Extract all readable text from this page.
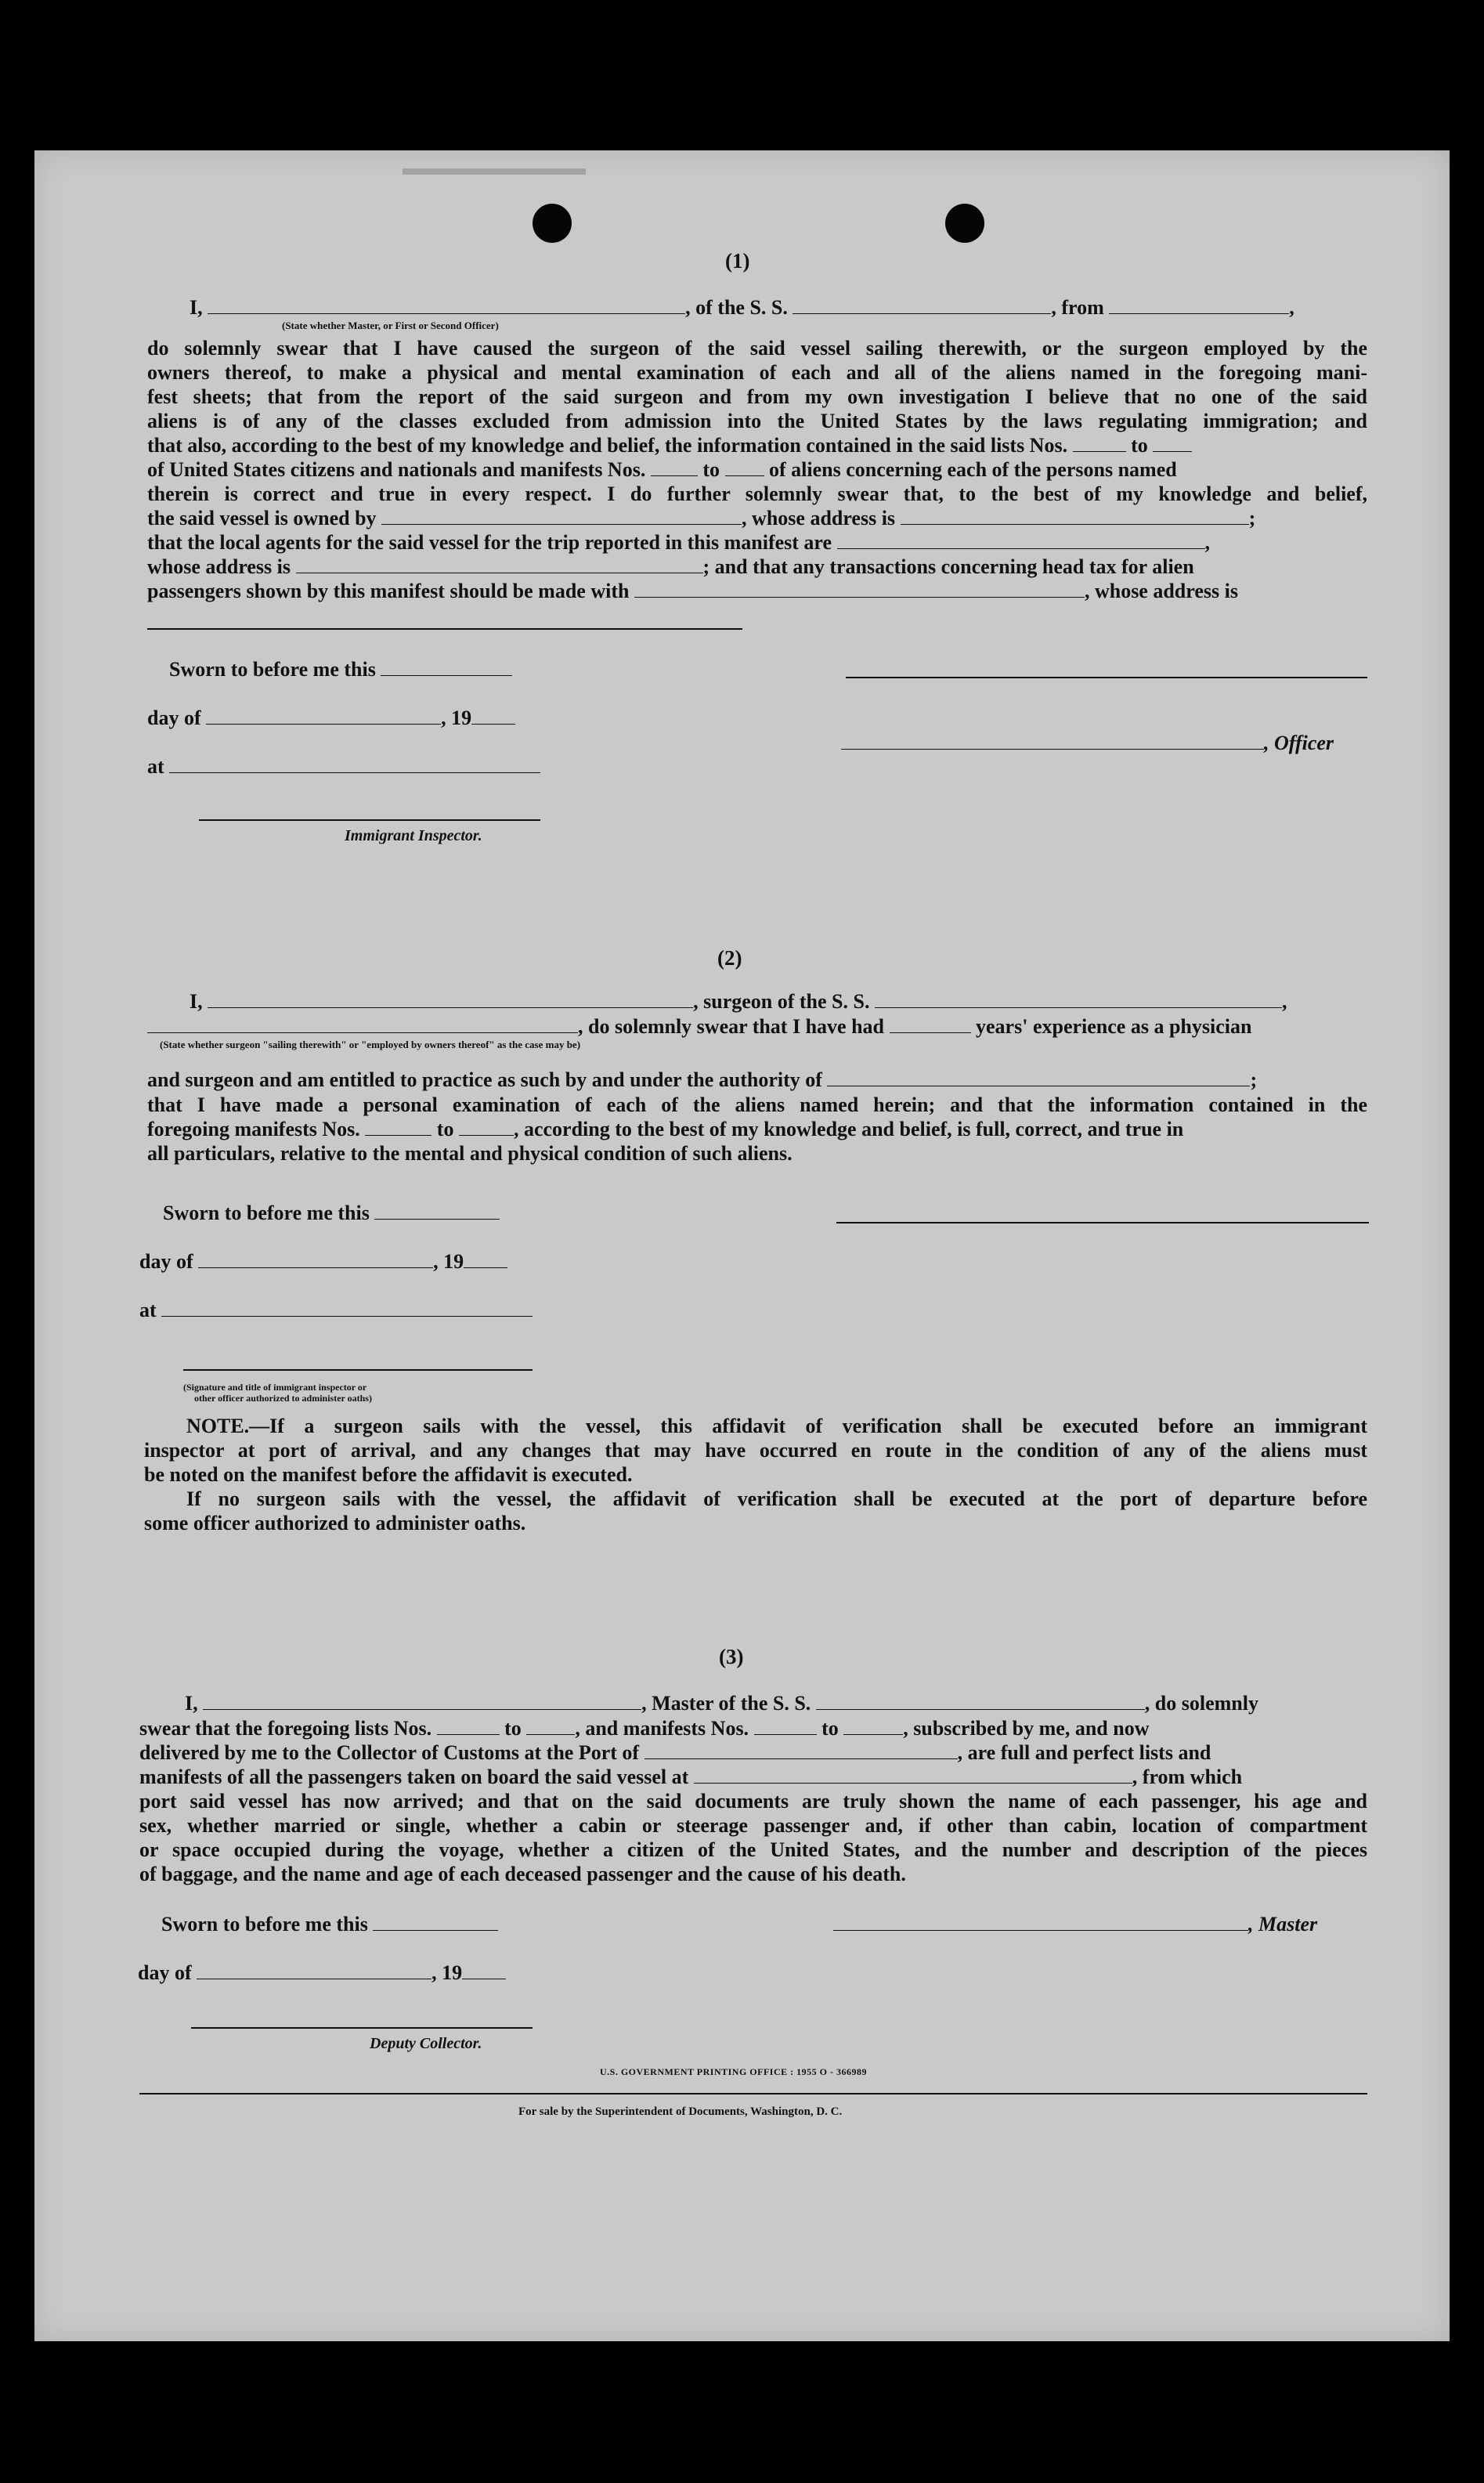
▬▬▬▬▬▬▬▬▬
(1)
I,	, of the S. S.	, from	,
(State whether Master, or First or Second Officer)
do solemnly swear that I have caused the surgeon of the said vessel sailing therewith, or the surgeon employed by the
owners thereof, to make a physical and mental examination of each and all of the aliens named in the foregoing mani-
fest sheets; that from the report of the said surgeon and from my own investigation I believe that no one of the said
aliens is of any of the classes excluded from admission into the United States by the laws regulating immigration; and
that also, according to the best of my knowledge and belief, the information contained in the said lists Nos.	to
of United States citizens and nationals and manifests Nos.	to of aliens concerning each of the persons named
therein is correct and true in every respect. I do further solemnly swear that, to the best of my knowledge and belief,
the said vessel is owned by	, whose address is	;
that the local agents for the said vessel for the trip reported in this manifest are	,
whose address is	; and that any transactions concerning head tax for alien
passengers shown by this manifest should be made with	, whose address is
Sworn to before me this
day of	, 19
, Officer
at
Immigrant Inspector.
(2)
I,	, surgeon of the S. S.	,
, do solemnly swear that I have had	years' experience as a physician
(State whether surgeon "sailing therewith" or "employed by owners thereof" as the case may be)
and surgeon and am entitled to practice as such by and under the authority of	;
that I have made a personal examination of each of the aliens named herein; and that the information contained in the
foregoing manifests Nos.	to	, according to the best of my knowledge and belief, is full, correct, and true in
all particulars, relative to the mental and physical condition of such aliens.
Sworn to before me this
day of	, 19
at
(Signature and title of immigrant inspector or
other officer authorized to administer oaths)
NOTE.—If a surgeon sails with the vessel, this affidavit of verification shall be executed before an immigrant
inspector at port of arrival, and any changes that may have occurred en route in the condition of any of the aliens must
be noted on the manifest before the affidavit is executed.
If no surgeon sails with the vessel, the affidavit of verification shall be executed at the port of departure before
some officer authorized to administer oaths.
(3)
I,	, Master of the S. S.	, do solemnly
swear that the foregoing lists Nos.	to	, and manifests Nos.	to	, subscribed by me, and now
delivered by me to the Collector of Customs at the Port of	, are full and perfect lists and
manifests of all the passengers taken on board the said vessel at	, from which
port said vessel has now arrived; and that on the said documents are truly shown the name of each passenger, his age and
sex, whether married or single, whether a cabin or steerage passenger and, if other than cabin, location of compartment
or space occupied during the voyage, whether a citizen of the United States, and the number and description of the pieces
of baggage, and the name and age of each deceased passenger and the cause of his death.
Sworn to before me this	, Master
day of	, 19
Deputy Collector.
U.S. GOVERNMENT PRINTING OFFICE : 1955 O - 366989
For sale by the Superintendent of Documents, Washington, D. C.
